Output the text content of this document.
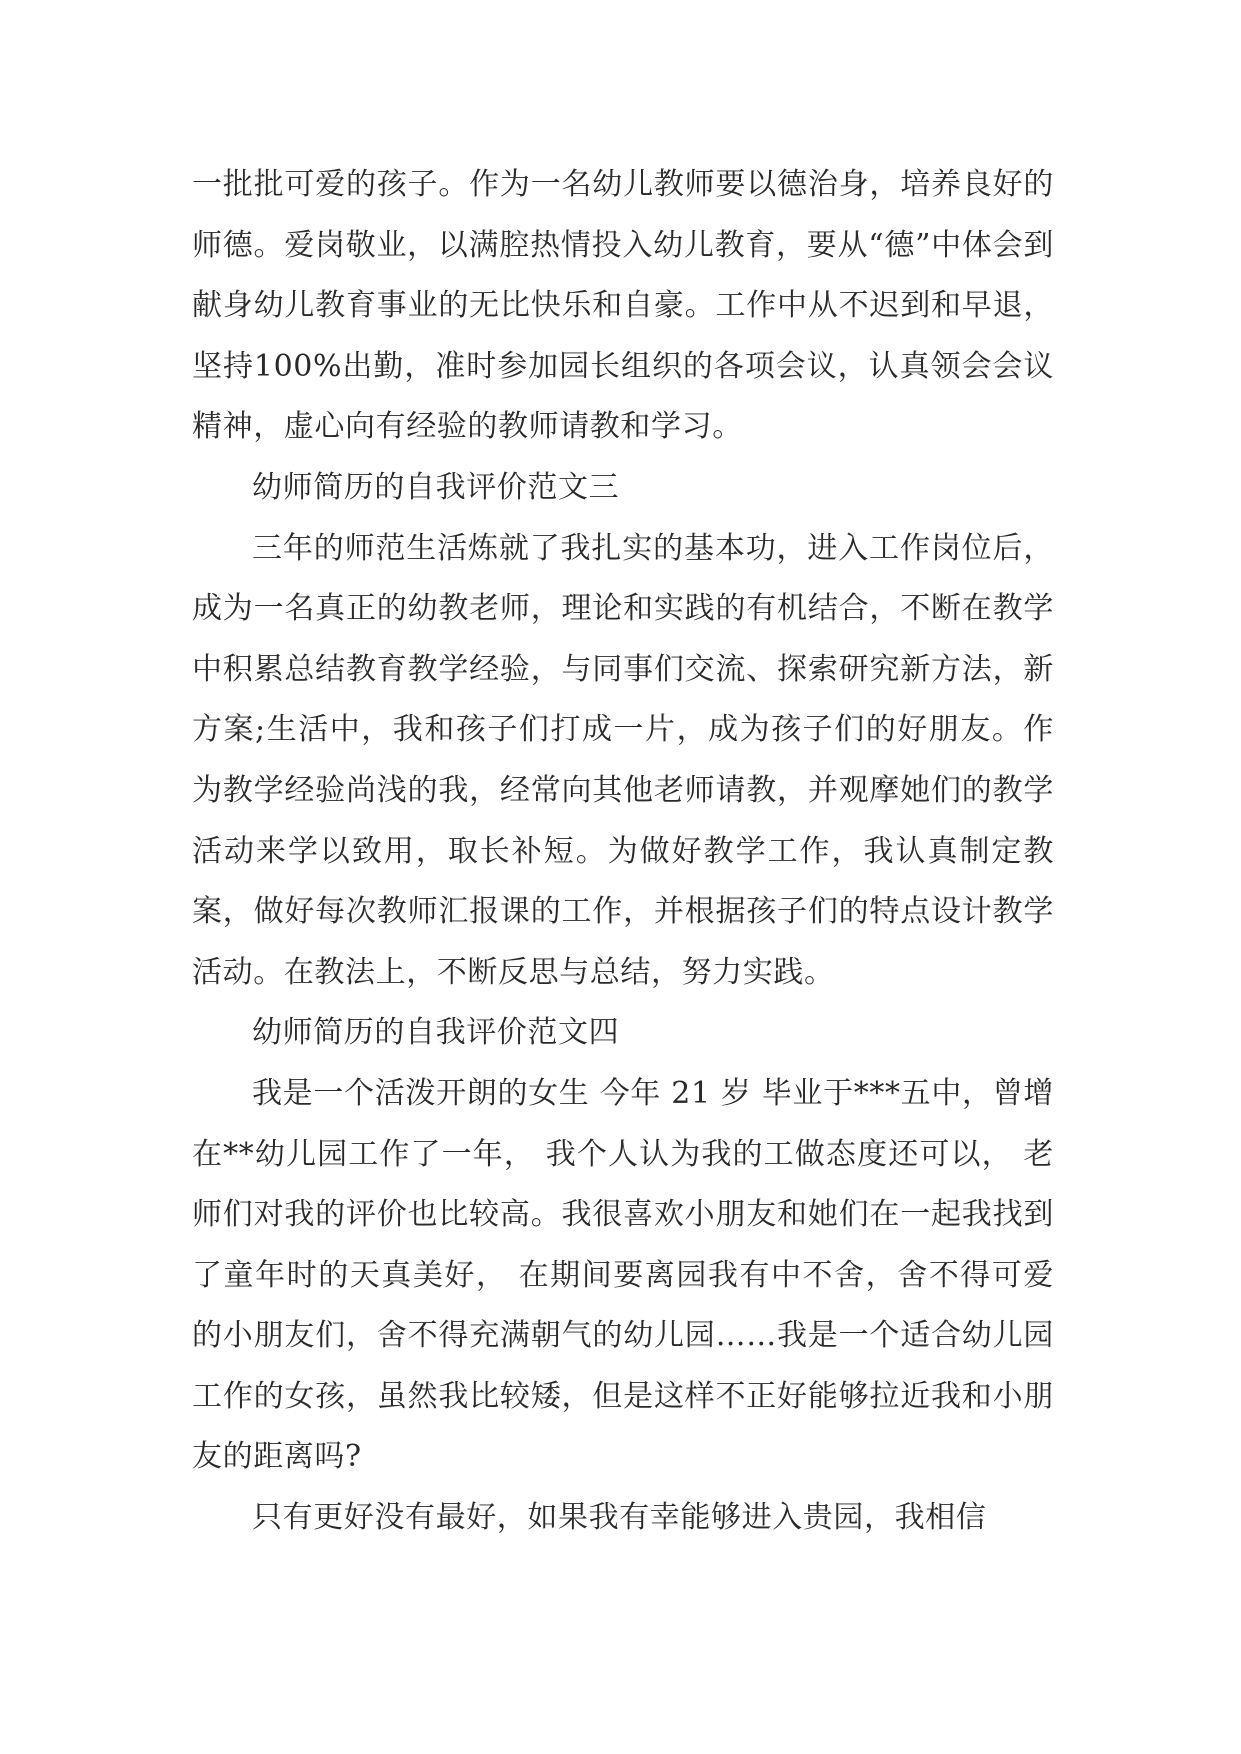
一批批可爱的孩子。作为一名幼儿教师要以德治身，培养良好的师德。爱岗敬业，以满腔热情投入幼儿教育，要从“德”中体会到献身幼儿教育事业的无比快乐和自豪。工作中从不迟到和早退，坚持100%出勤，准时参加园长组织的各项会议，认真领会会议精神，虚心向有经验的教师请教和学习。

幼师简历的自我评价范文三

三年的师范生活炼就了我扎实的基本功，进入工作岗位后，成为一名真正的幼教老师，理论和实践的有机结合，不断在教学中积累总结教育教学经验，与同事们交流、探索研究新方法，新方案;生活中，我和孩子们打成一片，成为孩子们的好朋友。作为教学经验尚浅的我，经常向其他老师请教，并观摩她们的教学活动来学以致用，取长补短。为做好教学工作，我认真制定教案，做好每次教师汇报课的工作，并根据孩子们的特点设计教学活动。在教法上，不断反思与总结，努力实践。

幼师简历的自我评价范文四

我是一个活泼开朗的女生 今年 21 岁 毕业于***五中，曾增在**幼儿园工作了一年， 我个人认为我的工做态度还可以， 老师们对我的评价也比较高。我很喜欢小朋友和她们在一起我找到了童年时的天真美好， 在期间要离园我有中不舍，舍不得可爱的小朋友们，舍不得充满朝气的幼儿园……我是一个适合幼儿园工作的女孩，虽然我比较矮，但是这样不正好能够拉近我和小朋友的距离吗?

只有更好没有最好，如果我有幸能够进入贵园，我相信
